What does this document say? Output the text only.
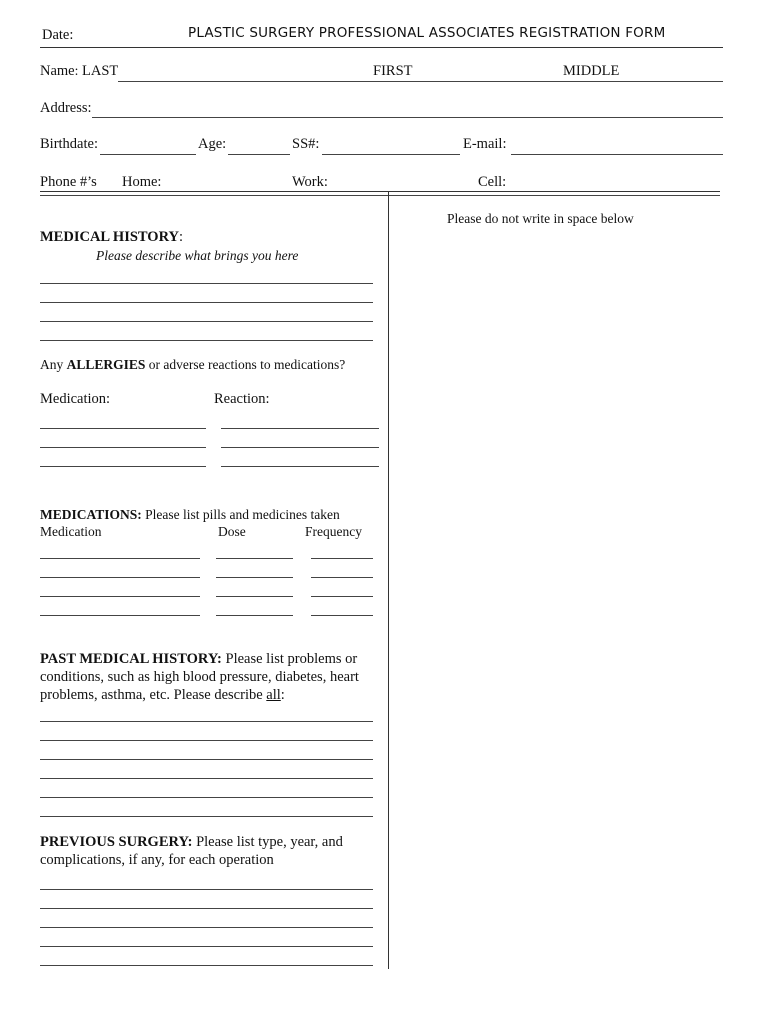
Date:	PLASTIC SURGERY PROFESSIONAL ASSOCIATES REGISTRATION FORM
Name: LAST	FIRST	MIDDLE
Address:
Birthdate:	Age:	SS#:	E-mail:
Phone #’s Home:	Work:	Cell:
Please do not write in space below
MEDICAL HISTORY:
Please describe what brings you here
Any ALLERGIES or adverse reactions to medications?
Medication:	Reaction:
MEDICATIONS: Please list pills and medicines taken
Medication	Dose	Frequency
PAST MEDICAL HISTORY: Please list problems or
conditions, such as high blood pressure, diabetes, heart
problems, asthma, etc. Please describe all:
PREVIOUS SURGERY: Please list type, year, and
complications, if any, for each operation
